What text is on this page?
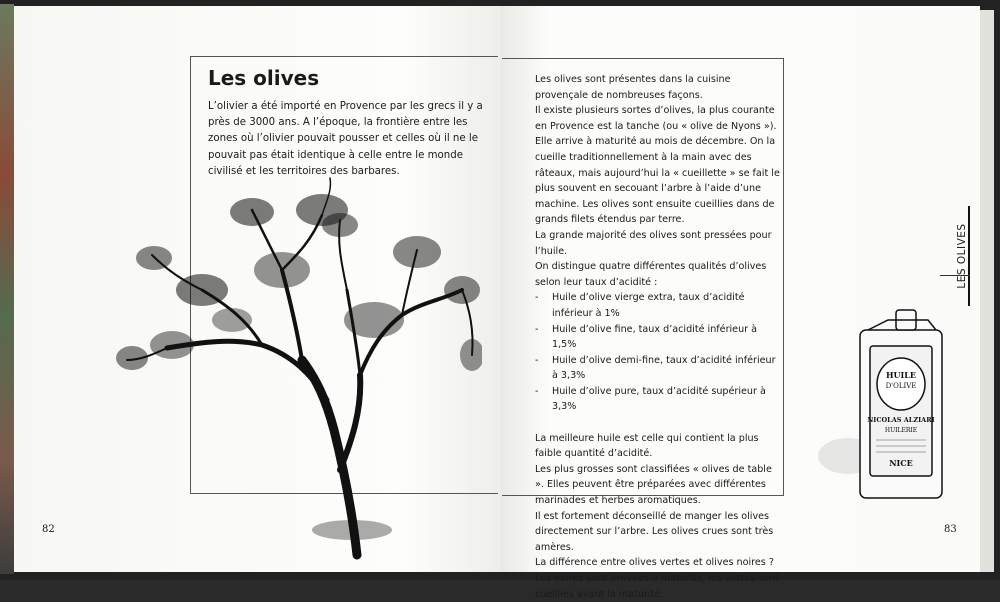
Les olives

L’olivier a été importé en Provence par les grecs il y a près de 3000 ans. A l’époque, la frontière entre les zones où l’olivier pouvait pousser et celles où il ne le pouvait pas était identique à celle entre le monde civilisé et les territoires des barbares.

82

Les olives sont présentes dans la cuisine provençale de nombreuses façons.

Il existe plusieurs sortes d’olives, la plus courante en Provence est la tanche (ou « olive de Nyons »).

Elle arrive à maturité au mois de décembre. On la cueille traditionnellement à la main avec des râteaux, mais aujourd’hui la « cueillette » se fait le plus souvent en secouant l’arbre à l’aide d’une machine. Les olives sont ensuite cueillies dans de grands filets étendus par terre.

La grande majorité des olives sont pressées pour l’huile.

On distingue quatre différentes qualités d’olives selon leur taux d’acidité :

- Huile d’olive vierge extra, taux d’acidité inférieur à 1%
- Huile d’olive fine, taux d’acidité inférieur à 1,5%
- Huile d’olive demi-fine, taux d’acidité inférieur à 3,3%
- Huile d’olive pure, taux d’acidité supérieur à 3,3%

La meilleure huile est celle qui contient la plus faible quantité d’acidité.

Les plus grosses sont classifiées « olives de table ». Elles peuvent être préparées avec différentes marinades et herbes aromatiques.

Il est fortement déconseillé de manger les olives directement sur l’arbre. Les olives crues sont très amères.

La différence entre olives vertes et olives noires ? Les noires sont arrivées à maturité, les vertes sont cueillies avant la maturité.

LES OLIVES
HUILE
D'OLIVE
NICOLAS ALZIARI
HUILERIE
NICE
83
